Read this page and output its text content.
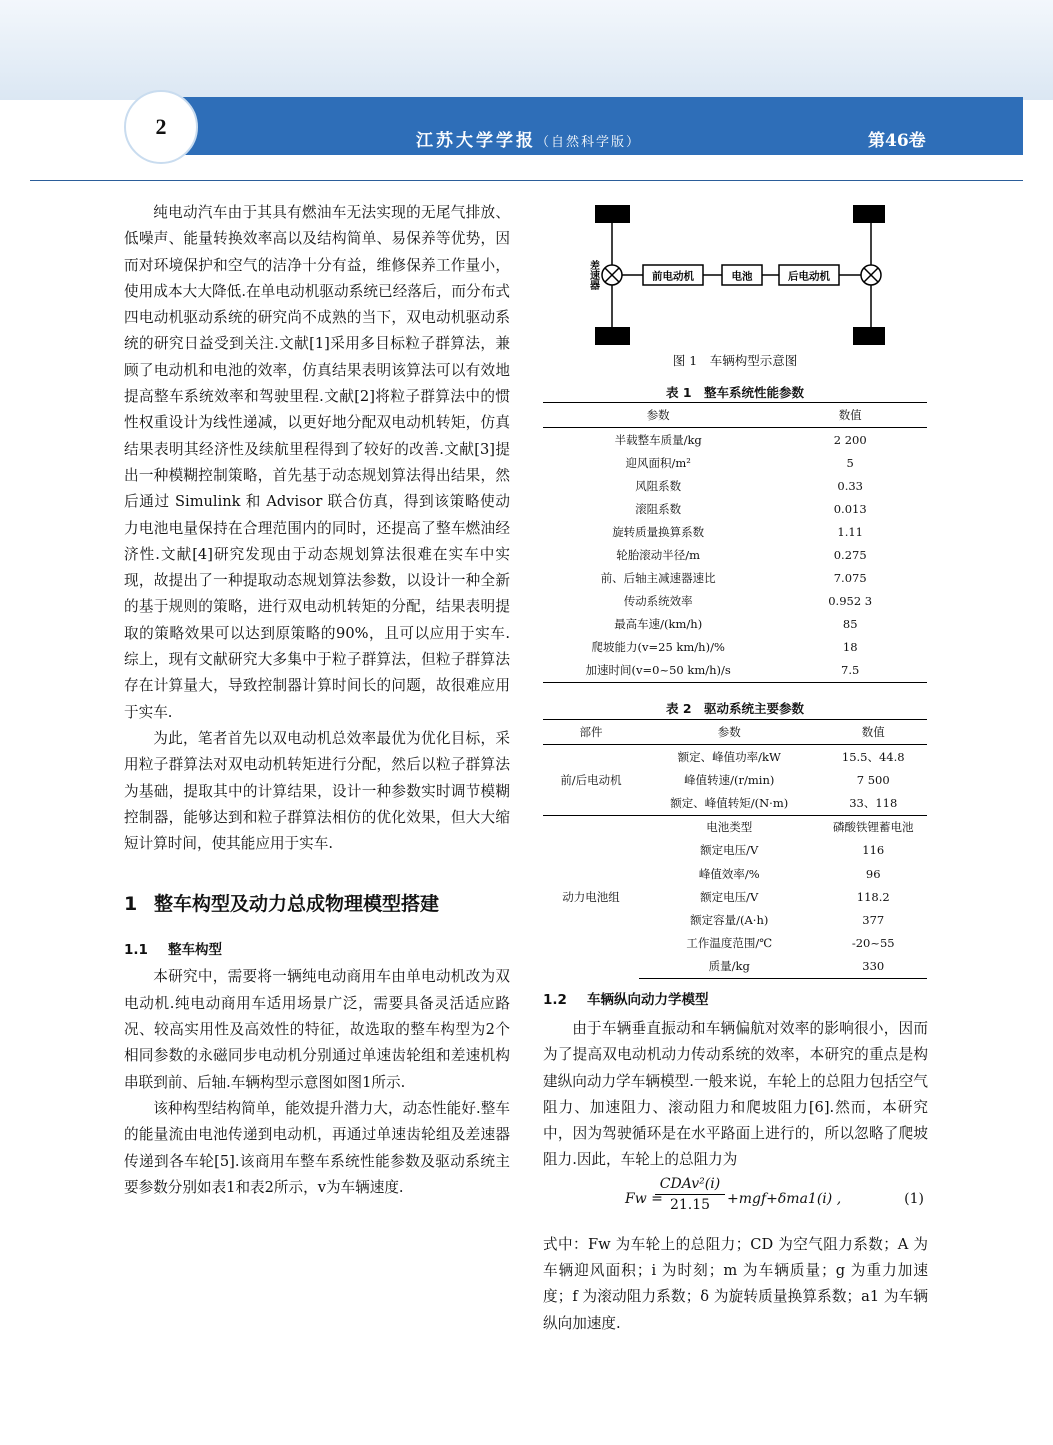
2
江苏大学学报（自然科学版）	第46卷

纯电动汽车由于其具有燃油车无法实现的无尾气排放、低噪声、能量转换效率高以及结构简单、易保养等优势，因而对环境保护和空气的洁净十分有益，维修保养工作量小，使用成本大大降低.在单电动机驱动系统已经落后，而分布式四电动机驱动系统的研究尚不成熟的当下，双电动机驱动系统的研究日益受到关注.文献[1]采用多目标粒子群算法，兼顾了电动机和电池的效率，仿真结果表明该算法可以有效地提高整车系统效率和驾驶里程.文献[2]将粒子群算法中的惯性权重设计为线性递减，以更好地分配双电动机转矩，仿真结果表明其经济性及续航里程得到了较好的改善.文献[3]提出一种模糊控制策略，首先基于动态规划算法得出结果，然后通过 Simulink 和 Advisor 联合仿真，得到该策略使动力电池电量保持在合理范围内的同时，还提高了整车燃油经济性.文献[4]研究发现由于动态规划算法很难在实车中实现，故提出了一种提取动态规划算法参数，以设计一种全新的基于规则的策略，进行双电动机转矩的分配，结果表明提取的策略效果可以达到原策略的90%，且可以应用于实车.综上，现有文献研究大多集中于粒子群算法，但粒子群算法存在计算量大，导致控制器计算时间长的问题，故很难应用于实车.

为此，笔者首先以双电动机总效率最优为优化目标，采用粒子群算法对双电动机转矩进行分配，然后以粒子群算法为基础，提取其中的计算结果，设计一种参数实时调节模糊控制器，能够达到和粒子群算法相仿的优化效果，但大大缩短计算时间，使其能应用于实车.

1 整车构型及动力总成物理模型搭建
1.1 整车构型

本研究中，需要将一辆纯电动商用车由单电动机改为双电动机.纯电动商用车适用场景广泛，需要具备灵活适应路况、较高实用性及高效性的特征，故选取的整车构型为2个相同参数的永磁同步电动机分别通过单速齿轮组和差速机构串联到前、后轴.车辆构型示意图如图1所示.

该种构型结构简单，能效提升潜力大，动态性能好.整车的能量流由电池传递到电动机，再通过单速齿轮组及差速器传递到各车轮[5].该商用车整车系统性能参数及驱动系统主要参数分别如表1和表2所示，v为车辆速度.

前电动机	电池	后电动机
差速器
图 1　车辆构型示意图
表 1　整车系统性能参数
参数	数值
半载整车质量/kg	2 200
迎风面积/m²	5
风阻系数	0.33
滚阻系数	0.013
旋转质量换算系数	1.11
轮胎滚动半径/m	0.275
前、后轴主减速器速比	7.075
传动系统效率	0.952 3
最高车速/(km/h)	85
爬坡能力(v=25 km/h)/%	18
加速时间(v=0~50 km/h)/s	7.5
表 2　驱动系统主要参数
部件	参数	数值
前/后电动机	额定、峰值功率/kW	15.5、44.8
	峰值转速/(r/min)	7 500
	额定、峰值转矩/(N·m)	33、118
动力电池组	电池类型	磷酸铁锂蓄电池
	额定电压/V	116
	峰值效率/%	96
	额定电压/V	118.2
	额定容量/(A·h)	377
	工作温度范围/℃	-20~55
	质量/kg	330
1.2 车辆纵向动力学模型

由于车辆垂直振动和车辆偏航对效率的影响很小，因而为了提高双电动机动力传动系统的效率，本研究的重点是构建纵向动力学车辆模型.一般来说，车轮上的总阻力包括空气阻力、加速阻力、滚动阻力和爬坡阻力[6].然而，本研究中，因为驾驶循环是在水平路面上进行的，所以忽略了爬坡阻力.因此，车轮上的总阻力为

Fw =
CDAv²(i)
21.15	+mgf+δma1(i) ,	(1)

式中：Fw 为车轮上的总阻力；CD 为空气阻力系数；A 为车辆迎风面积；i 为时刻；m 为车辆质量；g 为重力加速度；f 为滚动阻力系数；δ 为旋转质量换算系数；a1 为车辆纵向加速度.
